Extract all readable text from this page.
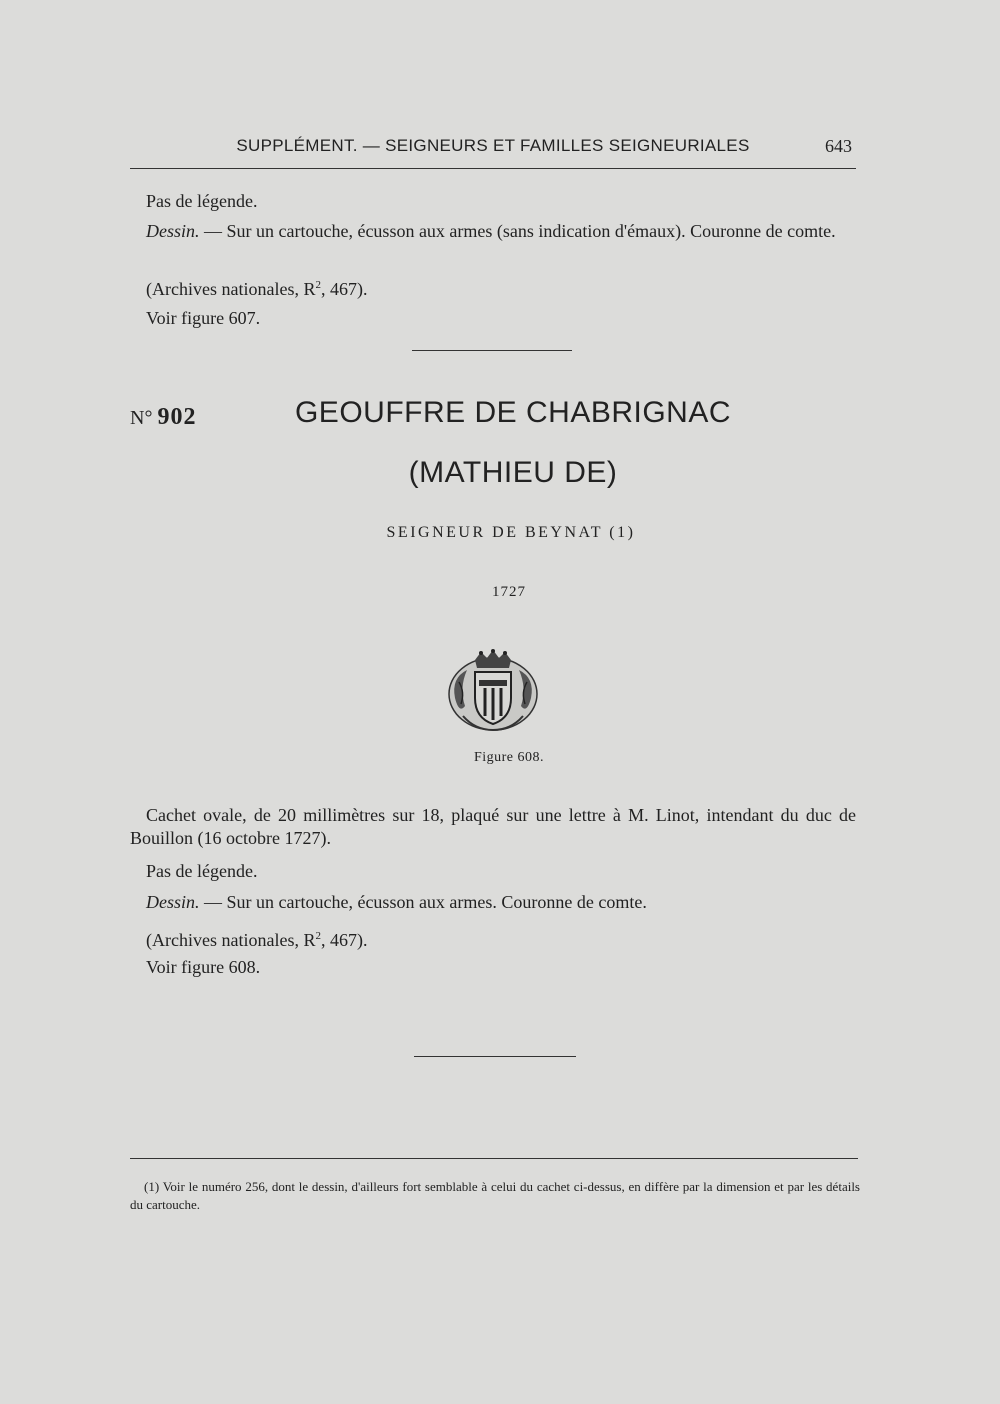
SUPPLÉMENT. — SEIGNEURS ET FAMILLES SEIGNEURIALES	643
Pas de légende.
Dessin. — Sur un cartouche, écusson aux armes (sans indication d'émaux). Couronne de comte.
(Archives nationales, $R^2$, 467).
Voir figure 607.
N° 902	GEOUFFRE DE CHABRIGNAC
(MATHIEU DE)
SEIGNEUR DE BEYNAT (1)
1727
Figure 608.
Cachet ovale, de 20 millimètres sur 18, plaqué sur une lettre à M. Linot, intendant du duc de Bouillon (16 octobre 1727).
Pas de légende.
Dessin. — Sur un cartouche, écusson aux armes. Couronne de comte.
(Archives nationales, $R^2$, 467).
Voir figure 608.
(1) Voir le numéro 256, dont le dessin, d'ailleurs fort semblable à celui du cachet ci-dessus, en diffère par la dimension et par les détails du cartouche.
